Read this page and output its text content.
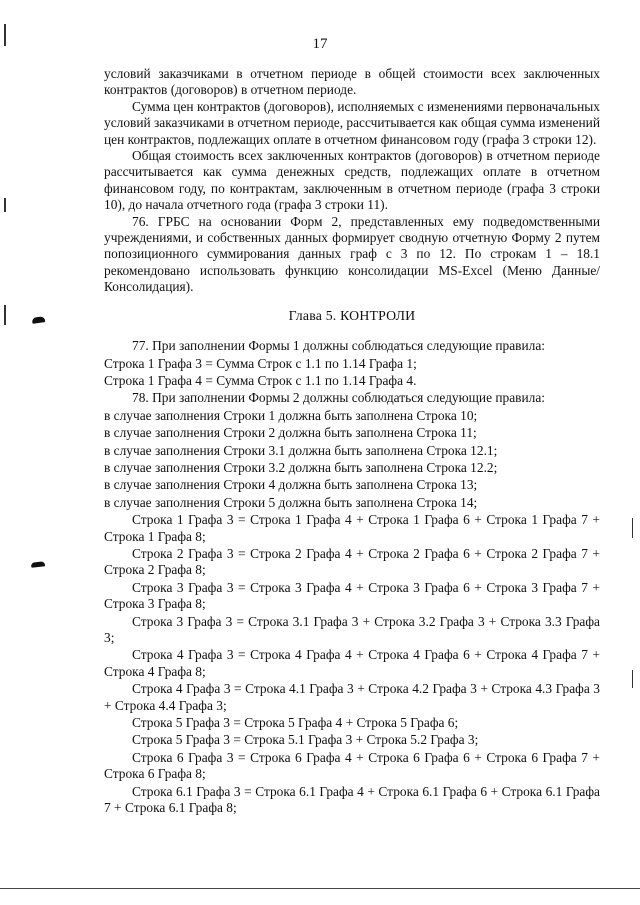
17

условий заказчиками в отчетном периоде в общей стоимости всех заключенных контрактов (договоров) в отчетном периоде.

Сумма цен контрактов (договоров), исполняемых с изменениями первоначальных условий заказчиками в отчетном периоде, рассчитывается как общая сумма изменений цен контрактов, подлежащих оплате в отчетном финансовом году (графа 3 строки 12).

Общая стоимость всех заключенных контрактов (договоров) в отчетном периоде рассчитывается как сумма денежных средств, подлежащих оплате в отчетном финансовом году, по контрактам, заключенным в отчетном периоде (графа 3 строки 10), до начала отчетного года (графа 3 строки 11).

76. ГРБС на основании Форм 2, представленных ему подведомственными учреждениями, и собственных данных формирует сводную отчетную Форму 2 путем попозиционного суммирования данных граф с 3 по 12. По строкам 1 – 18.1 рекомендовано использовать функцию консолидации MS-Excel (Меню Данные/Консолидация).

Глава 5. КОНТРОЛИ

77. При заполнении Формы 1 должны соблюдаться следующие правила:

Строка 1 Графа 3 = Сумма Строк с 1.1 по 1.14 Графа 1;

Строка 1 Графа 4 = Сумма Строк с 1.1 по 1.14 Графа 4.

78. При заполнении Формы 2 должны соблюдаться следующие правила:

в случае заполнения Строки 1 должна быть заполнена Строка 10;

в случае заполнения Строки 2 должна быть заполнена Строка 11;

в случае заполнения Строки 3.1 должна быть заполнена Строка 12.1;

в случае заполнения Строки 3.2 должна быть заполнена Строка 12.2;

в случае заполнения Строки 4 должна быть заполнена Строка 13;

в случае заполнения Строки 5 должна быть заполнена Строка 14;

Строка 1 Графа 3 = Строка 1 Графа 4 + Строка 1 Графа 6 + Строка 1 Графа 7 + Строка 1 Графа 8;

Строка 2 Графа 3 = Строка 2 Графа 4 + Строка 2 Графа 6 + Строка 2 Графа 7 + Строка 2 Графа 8;

Строка 3 Графа 3 = Строка 3 Графа 4 + Строка 3 Графа 6 + Строка 3 Графа 7 + Строка 3 Графа 8;

Строка 3 Графа 3 = Строка 3.1 Графа 3 + Строка 3.2 Графа 3 + Строка 3.3 Графа 3;

Строка 4 Графа 3 = Строка 4 Графа 4 + Строка 4 Графа 6 + Строка 4 Графа 7 + Строка 4 Графа 8;

Строка 4 Графа 3 = Строка 4.1 Графа 3 + Строка 4.2 Графа 3 + Строка 4.3 Графа 3 + Строка 4.4 Графа 3;

Строка 5 Графа 3 = Строка 5 Графа 4 + Строка 5 Графа 6;

Строка 5 Графа 3 = Строка 5.1 Графа 3 + Строка 5.2 Графа 3;

Строка 6 Графа 3 = Строка 6 Графа 4 + Строка 6 Графа 6 + Строка 6 Графа 7 + Строка 6 Графа 8;

Строка 6.1 Графа 3 = Строка 6.1 Графа 4 + Строка 6.1 Графа 6 + Строка 6.1 Графа 7 + Строка 6.1 Графа 8;
